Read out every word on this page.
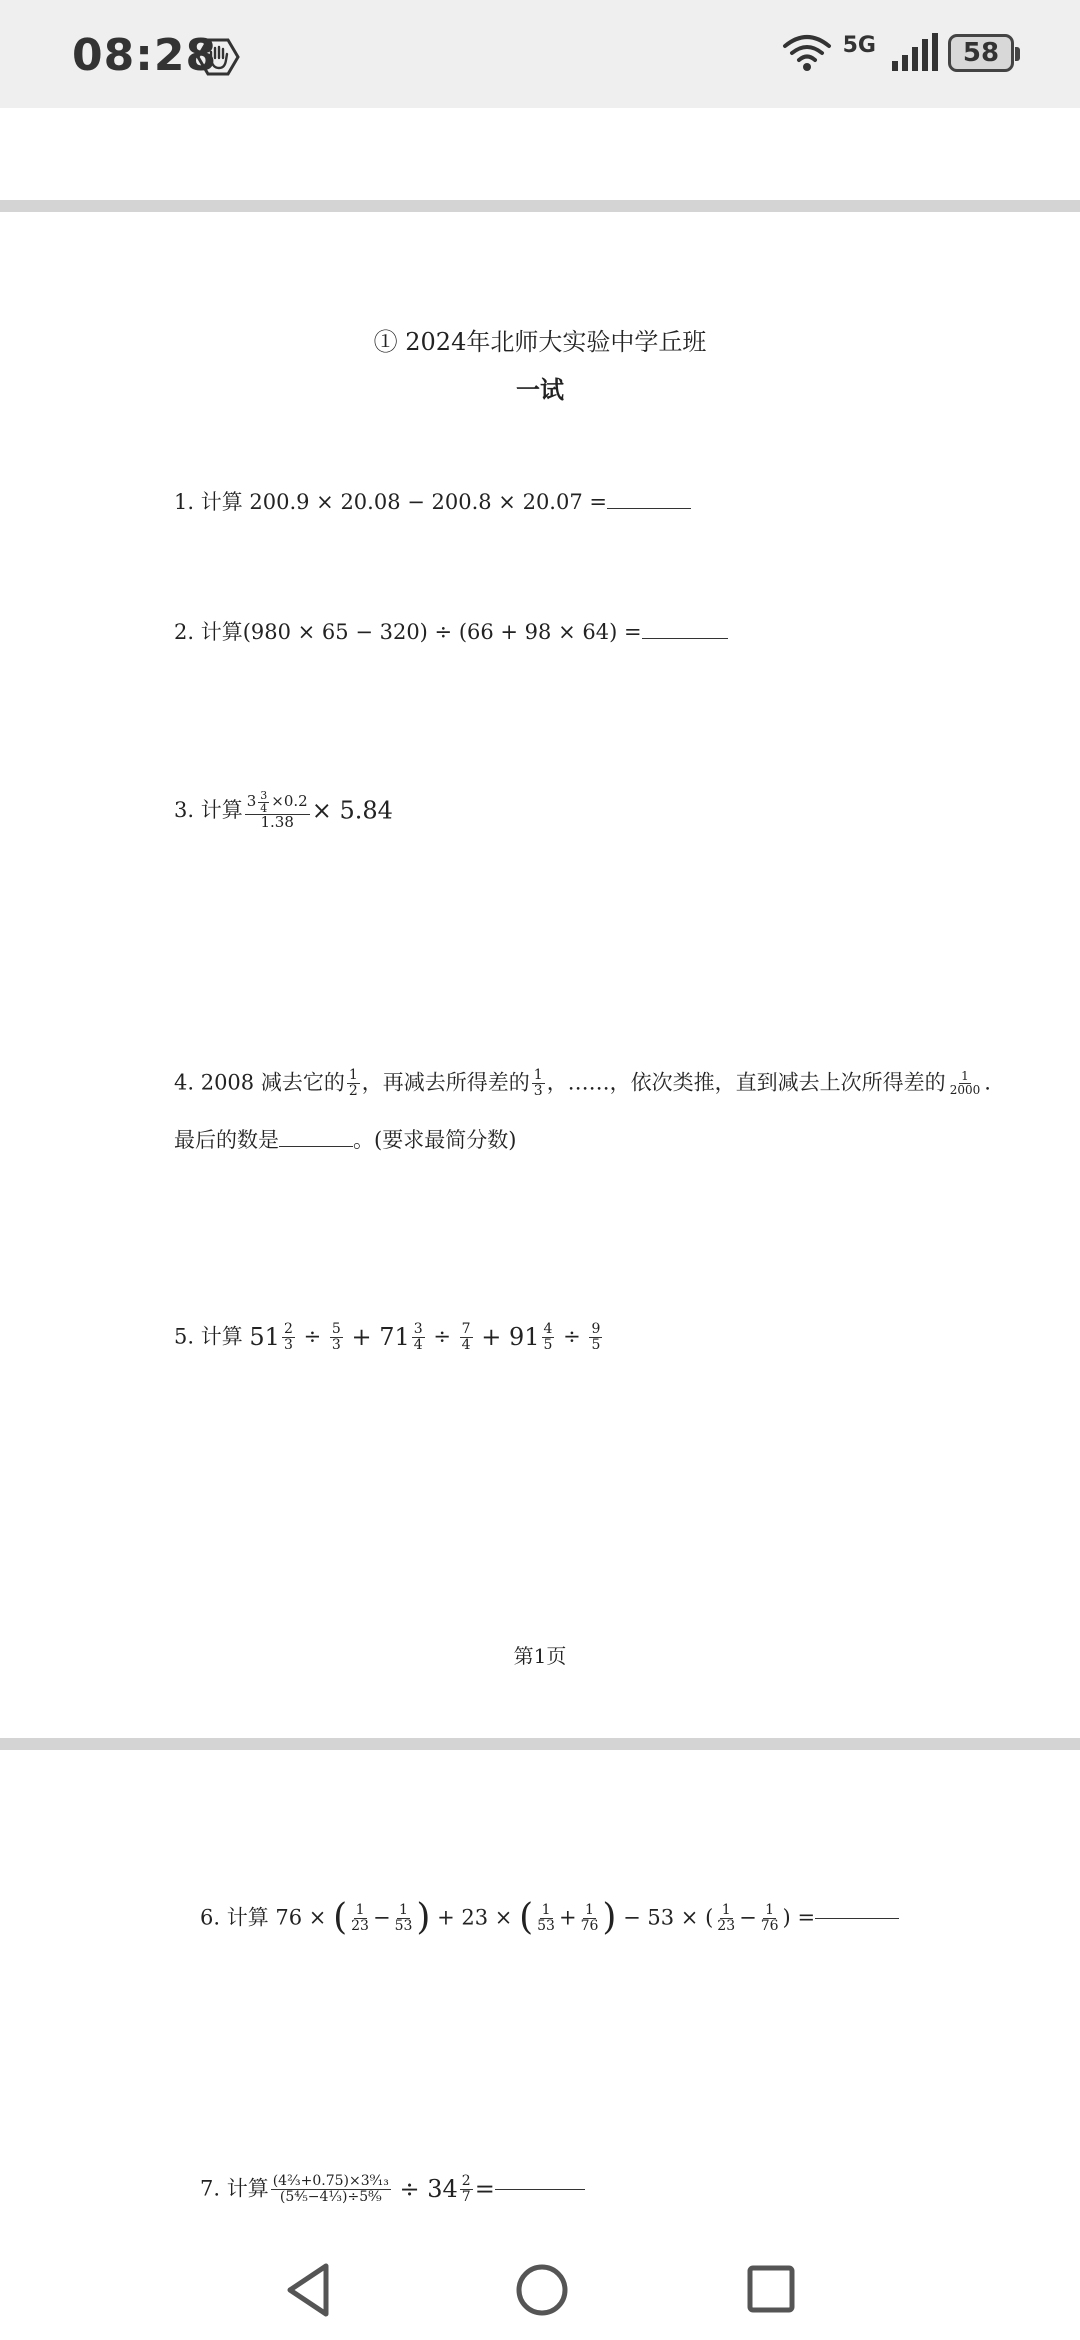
08:28	5G	58
① 2024年北师大实验中学丘班
一试
1. 计算 200.9 × 20.08 − 200.8 × 20.07 =
2. 计算(980 × 65 − 320) ÷ (66 + 98 × 64) =
3. 计算 $\frac{3 \frac{3}{4} \times 0.2}{1.38} \times 5.84$
4. 2008 减去它的 $\frac{1}{2}$ ，再减去所得差的 $\frac{1}{3}$ ，……，依次类推，直到减去上次所得差的 $\frac{1}{2000}$ .
最后的数是	。(要求最简分数)
5. 计算 $51 \frac{2}{3} \div \frac{5}{3} + 71 \frac{3}{4} \div \frac{7}{4} + 91 \frac{4}{5} \div \frac{9}{5}$
第1页
6. 计算 76 × ( $\frac{1}{23} - \frac{1}{53}$ ) + 23 × ( $\frac{1}{53} + \frac{1}{76}$ ) − 53 × ( $\frac{1}{23} - \frac{1}{76}$ ) =
7. 计算 $\frac{\text{(4²⁄₃+0.75)×3⁹⁄₁₃}}{\text{(5⁴⁄₅−4¹⁄₃)÷5⁸⁄₉}} \div 34 \frac{2}{7}$ =
